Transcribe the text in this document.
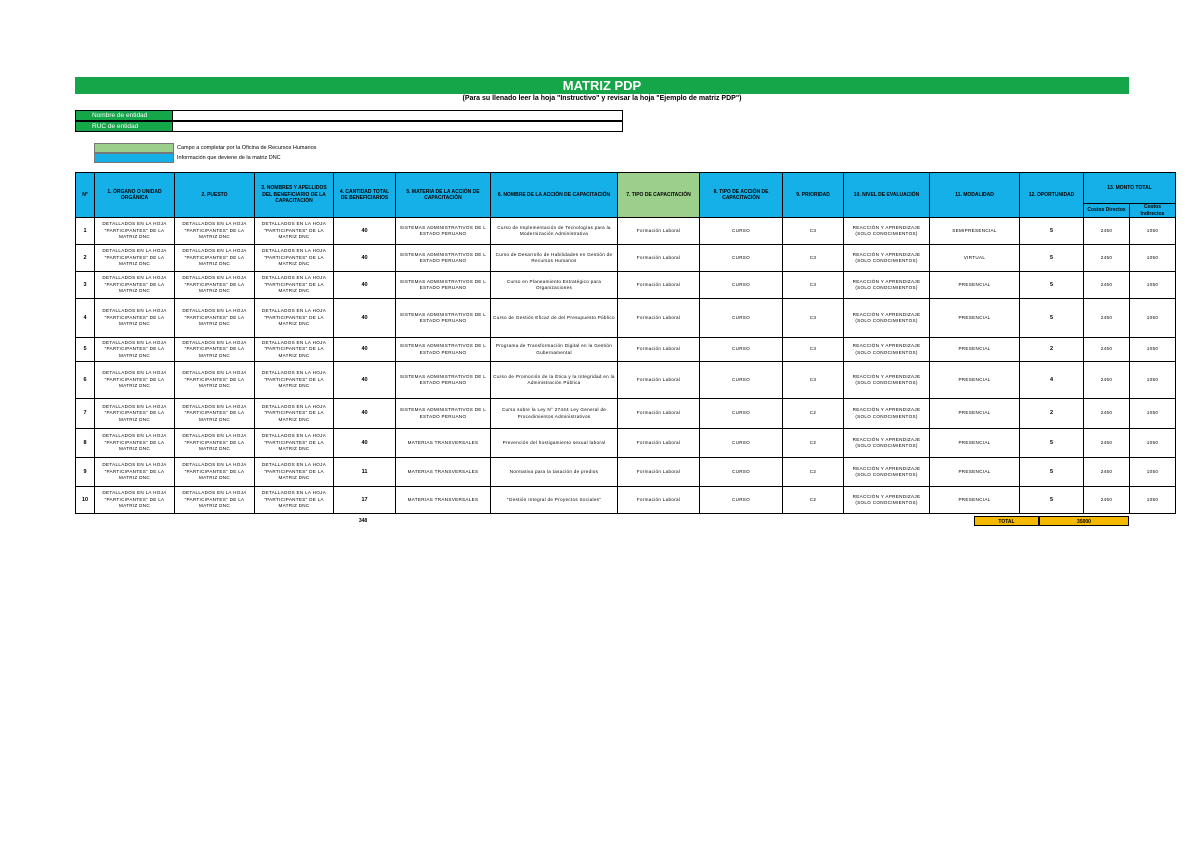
MATRIZ PDP
(Para su llenado leer la hoja "Instructivo" y revisar la hoja "Ejemplo de matriz PDP")
Nombre de entidad
RUC de entidad
Campo a completar por la Oficina de Recursos Humanos
Información que deviene de la matriz DNC
N°	1. ÓRGANO O UNIDAD ORGÁNICA	2. PUESTO	3. NOMBRES Y APELLIDOS DEL BENEFICIARIO DE LA CAPACITACIÓN	4. CANTIDAD TOTAL DE BENEFICIARIOS	5. MATERIA DE LA ACCIÓN DE CAPACITACIÓN	6. NOMBRE DE LA ACCIÓN DE CAPACITACIÓN	7. TIPO DE CAPACITACIÓN	8. TIPO DE ACCIÓN DE CAPACITACIÓN	9. PRIORIDAD	10. NIVEL DE EVALUACIÓN	11. MODALIDAD	12. OPORTUNIDAD	13. MONTO TOTAL	
													Costos Directos	Costos Indirectos
1	DETALLADOS EN LA HOJA "PARTICIPANTES" DE LA MATRIZ DNC	DETALLADOS EN LA HOJA "PARTICIPANTES" DE LA MATRIZ DNC	DETALLADOS EN LA HOJA "PARTICIPANTES" DE LA MATRIZ DNC	40	SISTEMAS ADMINISTRATIVOS DE L ESTADO PERUANO	Curso de Implementación de Tecnologías para la Modernización Administrativa	Formación Laboral	CURSO	C3	REACCIÓN Y APRENDIZAJE (SOLO CONOCIMIENTOS)	SEMIPRESENCIAL	5	2450	1050
2	DETALLADOS EN LA HOJA "PARTICIPANTES" DE LA MATRIZ DNC	DETALLADOS EN LA HOJA "PARTICIPANTES" DE LA MATRIZ DNC	DETALLADOS EN LA HOJA "PARTICIPANTES" DE LA MATRIZ DNC	40	SISTEMAS ADMINISTRATIVOS DE L ESTADO PERUANO	Curso de Desarrollo de Habilidades en Gestión de Recursos Humanos	Formación Laboral	CURSO	C3	REACCIÓN Y APRENDIZAJE (SOLO CONOCIMIENTOS)	VIRTUAL	5	2450	1050
3	DETALLADOS EN LA HOJA "PARTICIPANTES" DE LA MATRIZ DNC	DETALLADOS EN LA HOJA "PARTICIPANTES" DE LA MATRIZ DNC	DETALLADOS EN LA HOJA "PARTICIPANTES" DE LA MATRIZ DNC	40	SISTEMAS ADMINISTRATIVOS DE L ESTADO PERUANO	Curso en Planeamiento Estratégico para Organizaciones	Formación Laboral	CURSO	C3	REACCIÓN Y APRENDIZAJE (SOLO CONOCIMIENTOS)	PRESENCIAL	5	2450	1050
4	DETALLADOS EN LA HOJA "PARTICIPANTES" DE LA MATRIZ DNC	DETALLADOS EN LA HOJA "PARTICIPANTES" DE LA MATRIZ DNC	DETALLADOS EN LA HOJA "PARTICIPANTES" DE LA MATRIZ DNC	40	SISTEMAS ADMINISTRATIVOS DE L ESTADO PERUANO	Curso de Gestión Eficaz de del Presupuesto Público	Formación Laboral	CURSO	C3	REACCIÓN Y APRENDIZAJE (SOLO CONOCIMIENTOS)	PRESENCIAL	5	2450	1050
5	DETALLADOS EN LA HOJA "PARTICIPANTES" DE LA MATRIZ DNC	DETALLADOS EN LA HOJA "PARTICIPANTES" DE LA MATRIZ DNC	DETALLADOS EN LA HOJA "PARTICIPANTES" DE LA MATRIZ DNC	40	SISTEMAS ADMINISTRATIVOS DE L ESTADO PERUANO	Programa de Transformación Digital en la Gestión Gubernamental	Formación Laboral	CURSO	C3	REACCIÓN Y APRENDIZAJE (SOLO CONOCIMIENTOS)	PRESENCIAL	2	2450	1050
6	DETALLADOS EN LA HOJA "PARTICIPANTES" DE LA MATRIZ DNC	DETALLADOS EN LA HOJA "PARTICIPANTES" DE LA MATRIZ DNC	DETALLADOS EN LA HOJA "PARTICIPANTES" DE LA MATRIZ DNC	40	SISTEMAS ADMINISTRATIVOS DE L ESTADO PERUANO	Curso de Promoción de la Ética y la Integridad en la Administración Pública	Formación Laboral	CURSO	C3	REACCIÓN Y APRENDIZAJE (SOLO CONOCIMIENTOS)	PRESENCIAL	4	2450	1050
7	DETALLADOS EN LA HOJA "PARTICIPANTES" DE LA MATRIZ DNC	DETALLADOS EN LA HOJA "PARTICIPANTES" DE LA MATRIZ DNC	DETALLADOS EN LA HOJA "PARTICIPANTES" DE LA MATRIZ DNC	40	SISTEMAS ADMINISTRATIVOS DE L ESTADO PERUANO	Curso sobre la Ley N° 27444 Ley General de Procedimientos Administrativos	Formación Laboral	CURSO	C2	REACCIÓN Y APRENDIZAJE (SOLO CONOCIMIENTOS)	PRESENCIAL	2	2450	1050
8	DETALLADOS EN LA HOJA "PARTICIPANTES" DE LA MATRIZ DNC	DETALLADOS EN LA HOJA "PARTICIPANTES" DE LA MATRIZ DNC	DETALLADOS EN LA HOJA "PARTICIPANTES" DE LA MATRIZ DNC	40	MATERIAS TRANSVERSALES	Prevención del hostigamiento sexual laboral	Formación Laboral	CURSO	C2	REACCIÓN Y APRENDIZAJE (SOLO CONOCIMIENTOS)	PRESENCIAL	5	2450	1050
9	DETALLADOS EN LA HOJA "PARTICIPANTES" DE LA MATRIZ DNC	DETALLADOS EN LA HOJA "PARTICIPANTES" DE LA MATRIZ DNC	DETALLADOS EN LA HOJA "PARTICIPANTES" DE LA MATRIZ DNC	11	MATERIAS TRANSVERSALES	Normativa para la tasación de predios	Formación Laboral	CURSO	C2	REACCIÓN Y APRENDIZAJE (SOLO CONOCIMIENTOS)	PRESENCIAL	5	2450	1050
10	DETALLADOS EN LA HOJA "PARTICIPANTES" DE LA MATRIZ DNC	DETALLADOS EN LA HOJA "PARTICIPANTES" DE LA MATRIZ DNC	DETALLADOS EN LA HOJA "PARTICIPANTES" DE LA MATRIZ DNC	17	MATERIAS TRANSVERSALES	"Gestión Integral de Proyectos Sociales"	Formación Laboral	CURSO	C2	REACCIÓN Y APRENDIZAJE (SOLO CONOCIMIENTOS)	PRESENCIAL	5	2450	1050
348	TOTAL	35000
